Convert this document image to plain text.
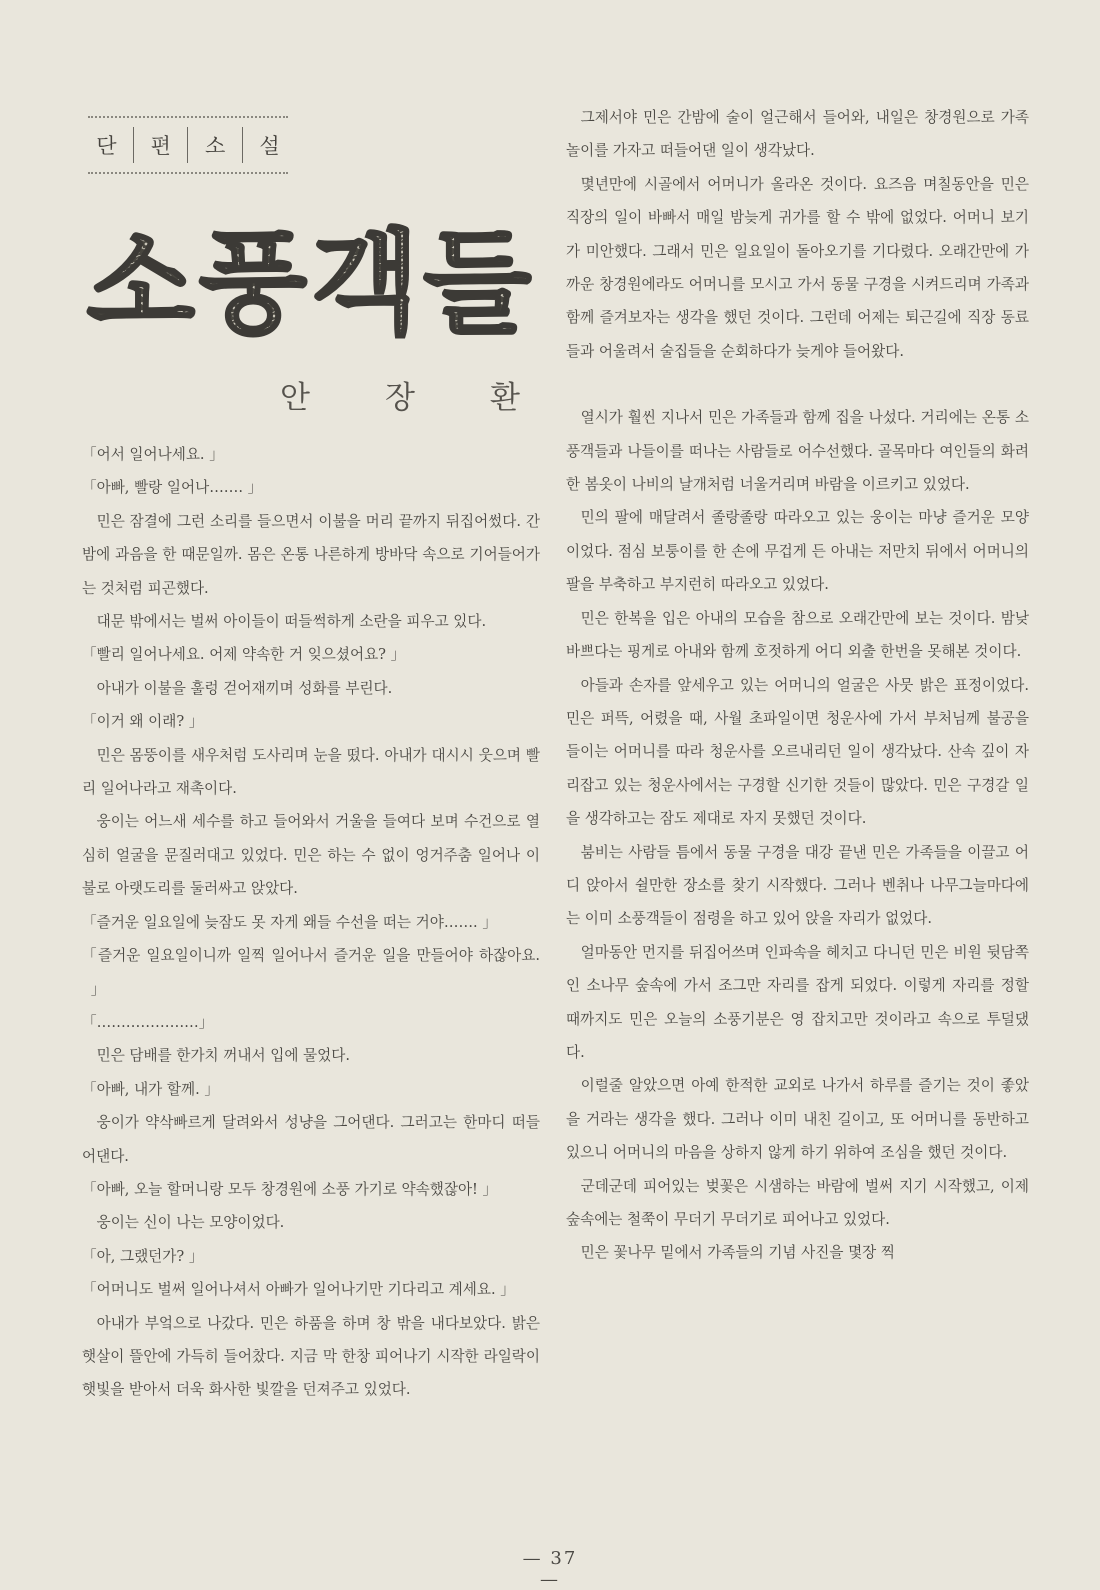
단 편 소 설
소풍객들
안 장 환

「어서 일어나세요. 」

「아빠, 빨랑 일어나……. 」

민은 잠결에 그런 소리를 들으면서 이불을 머리 끝까지 뒤집어썼다. 간밤에 과음을 한 때문일까. 몸은 온통 나른하게 방바닥 속으로 기어들어가는 것처럼 피곤했다.

대문 밖에서는 벌써 아이들이 떠들썩하게 소란을 피우고 있다.

「빨리 일어나세요. 어제 약속한 거 잊으셨어요? 」

아내가 이불을 훌렁 걷어재끼며 성화를 부린다.

「이거 왜 이래? 」

민은 몸뚱이를 새우처럼 도사리며 눈을 떴다. 아내가 대시시 웃으며 빨리 일어나라고 재촉이다.

웅이는 어느새 세수를 하고 들어와서 거울을 들여다 보며 수건으로 열심히 얼굴을 문질러대고 있었다. 민은 하는 수 없이 엉거주춤 일어나 이불로 아랫도리를 둘러싸고 앉았다.

「즐거운 일요일에 늦잠도 못 자게 왜들 수선을 떠는 거야……. 」

「즐거운 일요일이니까 일찍 일어나서 즐거운 일을 만들어야 하잖아요. 」

「…………………」

민은 담배를 한가치 꺼내서 입에 물었다.

「아빠, 내가 할께. 」

웅이가 약삭빠르게 달려와서 성냥을 그어댄다. 그러고는 한마디 떠들어댄다.

「아빠, 오늘 할머니랑 모두 창경원에 소풍 가기로 약속했잖아! 」

웅이는 신이 나는 모양이었다.

「아, 그랬던가? 」

「어머니도 벌써 일어나셔서 아빠가 일어나기만 기다리고 계세요. 」

아내가 부엌으로 나갔다. 민은 하품을 하며 창 밖을 내다보았다. 밝은 햇살이 뜰안에 가득히 들어찼다. 지금 막 한창 피어나기 시작한 라일락이 햇빛을 받아서 더욱 화사한 빛깔을 던져주고 있었다.

그제서야 민은 간밤에 술이 얼근해서 들어와, 내일은 창경원으로 가족놀이를 가자고 떠들어댄 일이 생각났다.

몇년만에 시골에서 어머니가 올라온 것이다. 요즈음 며칠동안을 민은 직장의 일이 바빠서 매일 밤늦게 귀가를 할 수 밖에 없었다. 어머니 보기가 미안했다. 그래서 민은 일요일이 돌아오기를 기다렸다. 오래간만에 가까운 창경원에라도 어머니를 모시고 가서 동물 구경을 시켜드리며 가족과 함께 즐겨보자는 생각을 했던 것이다. 그런데 어제는 퇴근길에 직장 동료들과 어울려서 술집들을 순회하다가 늦게야 들어왔다.

열시가 훨씬 지나서 민은 가족들과 함께 집을 나섰다. 거리에는 온통 소풍객들과 나들이를 떠나는 사람들로 어수선했다. 골목마다 여인들의 화려한 봄옷이 나비의 날개처럼 너울거리며 바람을 이르키고 있었다.

민의 팔에 매달려서 졸랑졸랑 따라오고 있는 웅이는 마냥 즐거운 모양이었다. 점심 보퉁이를 한 손에 무겁게 든 아내는 저만치 뒤에서 어머니의 팔을 부축하고 부지런히 따라오고 있었다.

민은 한복을 입은 아내의 모습을 참으로 오래간만에 보는 것이다. 밤낮 바쁘다는 핑게로 아내와 함께 호젓하게 어디 외출 한번을 못해본 것이다.

아들과 손자를 앞세우고 있는 어머니의 얼굴은 사뭇 밝은 표정이었다. 민은 퍼뜩, 어렸을 때, 사월 초파일이면 청운사에 가서 부처님께 불공을 들이는 어머니를 따라 청운사를 오르내리던 일이 생각났다. 산속 깊이 자리잡고 있는 청운사에서는 구경할 신기한 것들이 많았다. 민은 구경갈 일을 생각하고는 잠도 제대로 자지 못했던 것이다.

붐비는 사람들 틈에서 동물 구경을 대강 끝낸 민은 가족들을 이끌고 어디 앉아서 쉴만한 장소를 찾기 시작했다. 그러나 벤취나 나무그늘마다에는 이미 소풍객들이 점령을 하고 있어 앉을 자리가 없었다.

얼마동안 먼지를 뒤집어쓰며 인파속을 헤치고 다니던 민은 비원 뒷담쪽인 소나무 숲속에 가서 조그만 자리를 잡게 되었다. 이렇게 자리를 정할 때까지도 민은 오늘의 소풍기분은 영 잡치고만 것이라고 속으로 투덜댔다.

이럴줄 알았으면 아예 한적한 교외로 나가서 하루를 즐기는 것이 좋았을 거라는 생각을 했다. 그러나 이미 내친 길이고, 또 어머니를 동반하고 있으니 어머니의 마음을 상하지 않게 하기 위하여 조심을 했던 것이다.

군데군데 피어있는 벚꽃은 시샘하는 바람에 벌써 지기 시작했고, 이제 숲속에는 철쭉이 무더기 무더기로 피어나고 있었다.

민은 꽃나무 밑에서 가족들의 기념 사진을 몇장 찍

— 37 —
